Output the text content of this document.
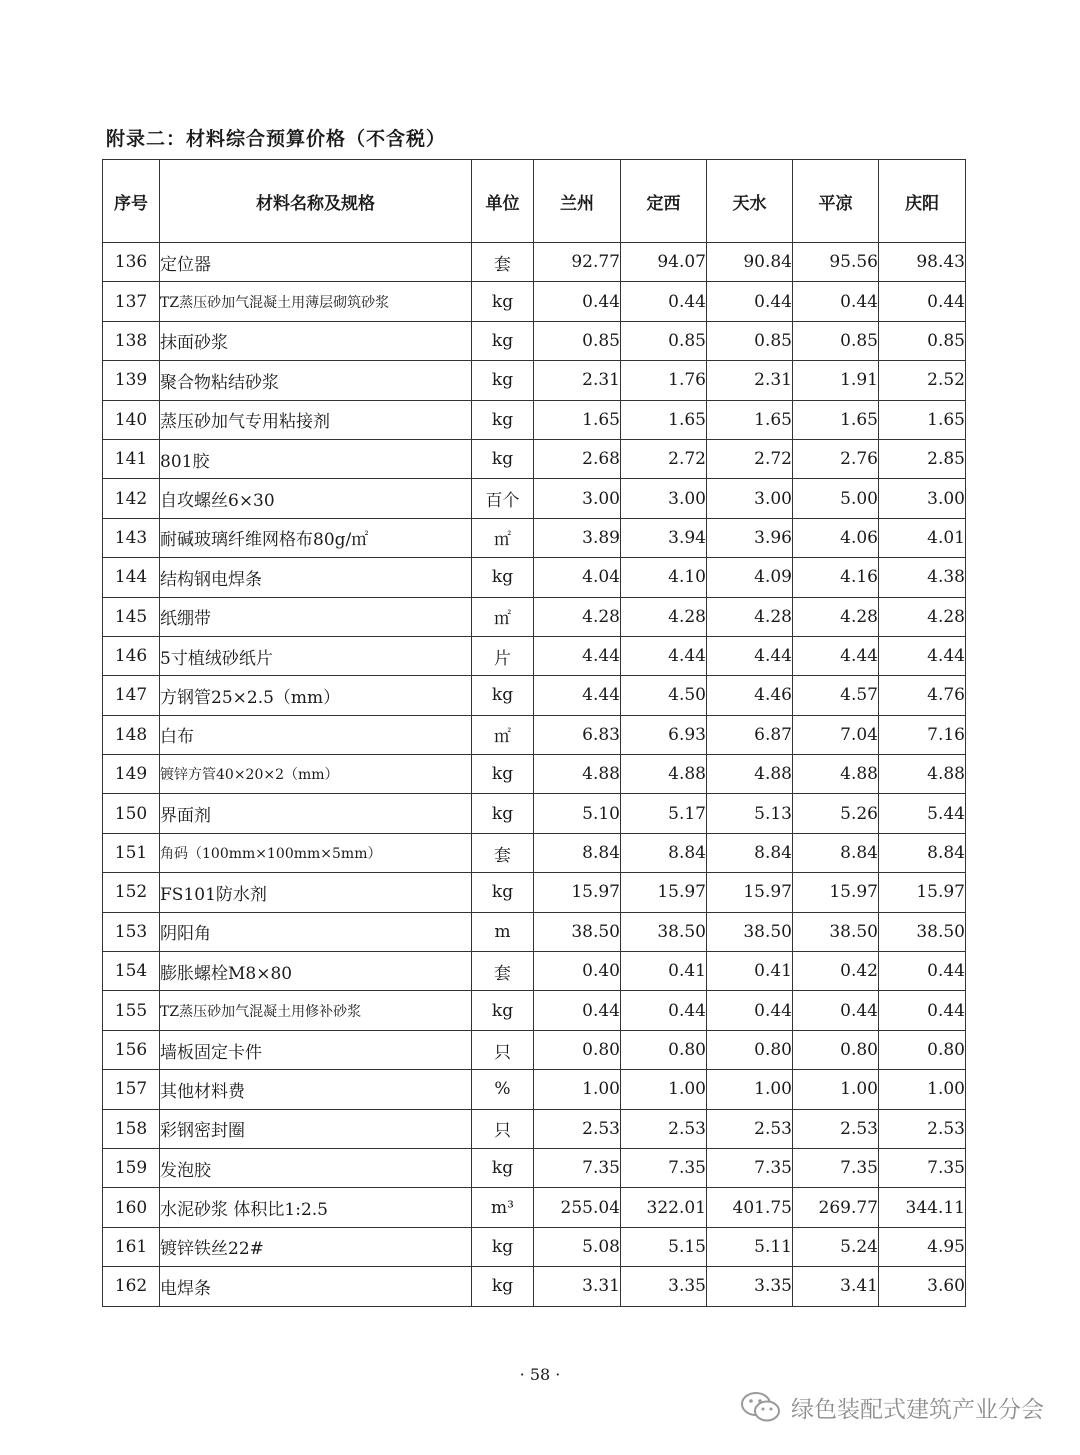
附录二：材料综合预算价格（不含税）
序号	材料名称及规格	单位	兰州	定西	天水	平凉	庆阳
136	定位器	套	92.77	94.07	90.84	95.56	98.43
137	TZ蒸压砂加气混凝土用薄层砌筑砂浆	kg	0.44	0.44	0.44	0.44	0.44
138	抹面砂浆	kg	0.85	0.85	0.85	0.85	0.85
139	聚合物粘结砂浆	kg	2.31	1.76	2.31	1.91	2.52
140	蒸压砂加气专用粘接剂	kg	1.65	1.65	1.65	1.65	1.65
141	801胶	kg	2.68	2.72	2.72	2.76	2.85
142	自攻螺丝6×30	百个	3.00	3.00	3.00	5.00	3.00
143	耐碱玻璃纤维网格布80g/㎡	㎡	3.89	3.94	3.96	4.06	4.01
144	结构钢电焊条	kg	4.04	4.10	4.09	4.16	4.38
145	纸绷带	㎡	4.28	4.28	4.28	4.28	4.28
146	5寸植绒砂纸片	片	4.44	4.44	4.44	4.44	4.44
147	方钢管25×2.5（mm）	kg	4.44	4.50	4.46	4.57	4.76
148	白布	㎡	6.83	6.93	6.87	7.04	7.16
149	镀锌方管40×20×2（mm）	kg	4.88	4.88	4.88	4.88	4.88
150	界面剂	kg	5.10	5.17	5.13	5.26	5.44
151	角码（100mm×100mm×5mm）	套	8.84	8.84	8.84	8.84	8.84
152	FS101防水剂	kg	15.97	15.97	15.97	15.97	15.97
153	阴阳角	m	38.50	38.50	38.50	38.50	38.50
154	膨胀螺栓M8×80	套	0.40	0.41	0.41	0.42	0.44
155	TZ蒸压砂加气混凝土用修补砂浆	kg	0.44	0.44	0.44	0.44	0.44
156	墙板固定卡件	只	0.80	0.80	0.80	0.80	0.80
157	其他材料费	%	1.00	1.00	1.00	1.00	1.00
158	彩钢密封圈	只	2.53	2.53	2.53	2.53	2.53
159	发泡胶	kg	7.35	7.35	7.35	7.35	7.35
160	水泥砂浆 体积比1:2.5	m³	255.04	322.01	401.75	269.77	344.11
161	镀锌铁丝22#	kg	5.08	5.15	5.11	5.24	4.95
162	电焊条	kg	3.31	3.35	3.35	3.41	3.60
· 58 ·
绿色装配式建筑产业分会
